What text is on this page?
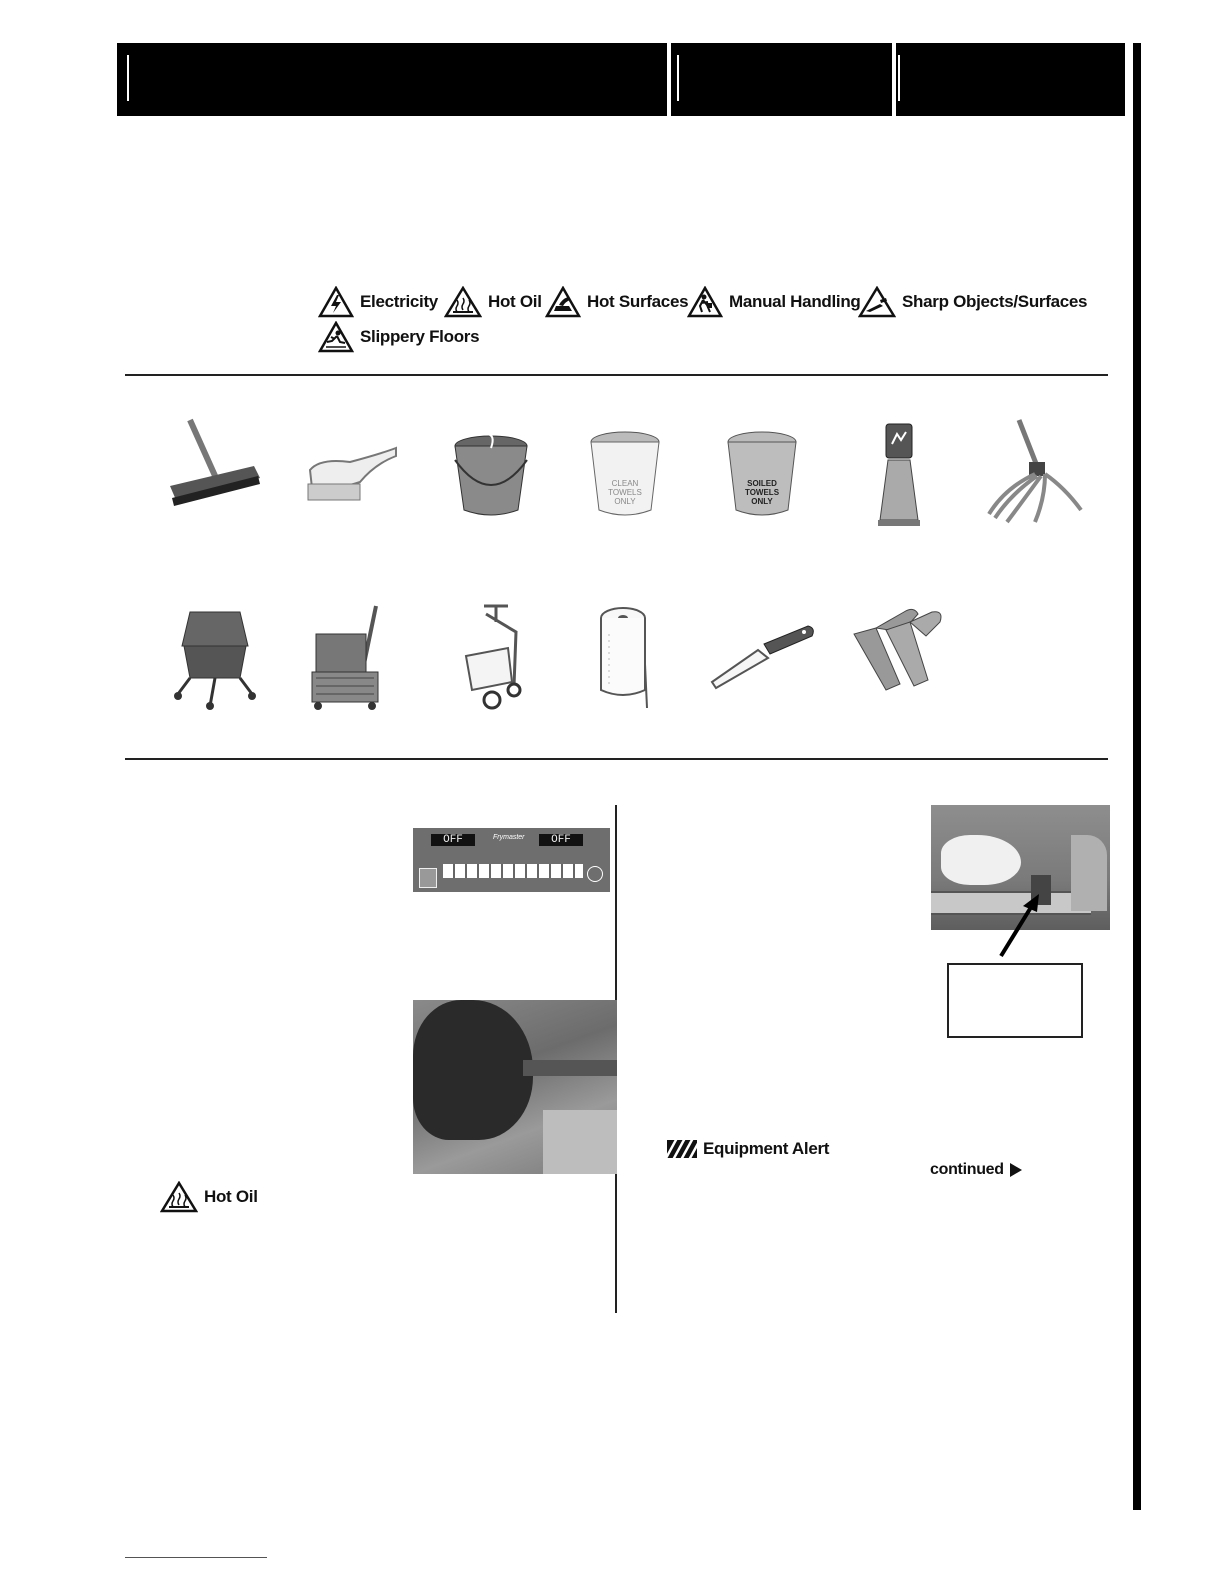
Electricity	Hot Oil	Hot Surfaces Manual Handling Sharp Objects/Surfaces
Slippery Floors
CLEAN
TOWELS
ONLY
SOILED
TOWELS
ONLY
OFF	OFF
Frymaster
Hot Oil
Equipment Alert
continued
